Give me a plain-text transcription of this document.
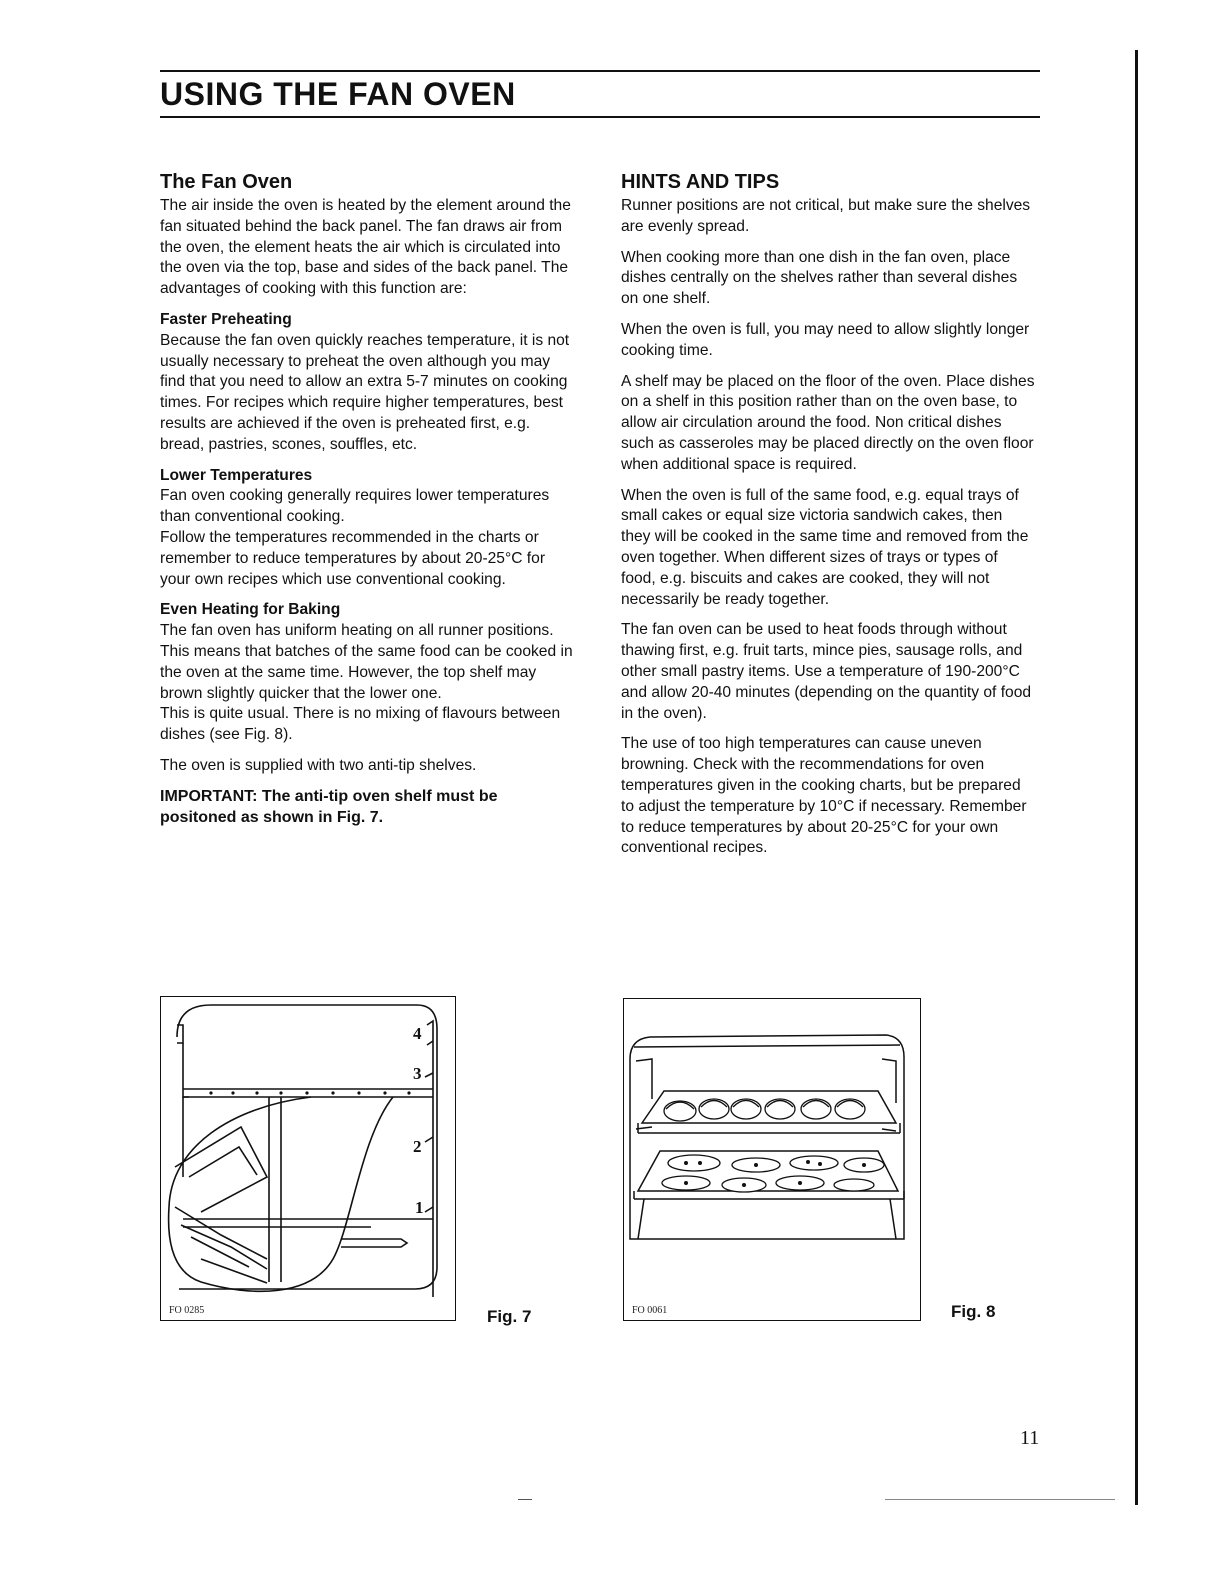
USING THE FAN OVEN
The Fan Oven

The air inside the oven is heated by the element around the fan situated behind the back panel. The fan draws air from the oven, the element heats the air which is circulated into the oven via the top, base and sides of the back panel. The advantages of cooking with this function are:

Faster Preheating

Because the fan oven quickly reaches temperature, it is not usually necessary to preheat the oven although you may find that you need to allow an extra 5-7 minutes on cooking times. For recipes which require higher temperatures, best results are achieved if the oven is preheated first, e.g. bread, pastries, scones, souffles, etc.

Lower Temperatures

Fan oven cooking generally requires lower temperatures than conventional cooking.

Follow the temperatures recommended in the charts or remember to reduce temperatures by about 20-25°C for your own recipes which use conventional cooking.

Even Heating for Baking

The fan oven has uniform heating on all runner positions. This means that batches of the same food can be cooked in the oven at the same time. However, the top shelf may brown slightly quicker that the lower one.

This is quite usual. There is no mixing of flavours between dishes (see Fig. 8).

The oven is supplied with two anti-tip shelves.

IMPORTANT: The anti-tip oven shelf must be positoned as shown in Fig. 7.

HINTS AND TIPS

Runner positions are not critical, but make sure the shelves are evenly spread.

When cooking more than one dish in the fan oven, place dishes centrally on the shelves rather than several dishes on one shelf.

When the oven is full, you may need to allow slightly longer cooking time.

A shelf may be placed on the floor of the oven. Place dishes on a shelf in this position rather than on the oven base, to allow air circulation around the food. Non critical dishes such as casseroles may be placed directly on the oven floor when additional space is required.

When the oven is full of the same food, e.g. equal trays of small cakes or equal size victoria sandwich cakes, then they will be cooked in the same time and removed from the oven together. When different sizes of trays or types of food, e.g. biscuits and cakes are cooked, they will not necessarily be ready together.

The fan oven can be used to heat foods through without thawing first, e.g. fruit tarts, mince pies, sausage rolls, and other small pastry items. Use a temperature of 190-200°C and allow 20-40 minutes (depending on the quantity of food in the oven).

The use of too high temperatures can cause uneven browning. Check with the recommendations for oven temperatures given in the cooking charts, but be prepared to adjust the temperature by 10°C if necessary. Remember to reduce temperatures by about 20-25°C for your own conventional recipes.

4
3
2
1
FO 0285	Fig. 7	FO 0061	Fig. 8
11
